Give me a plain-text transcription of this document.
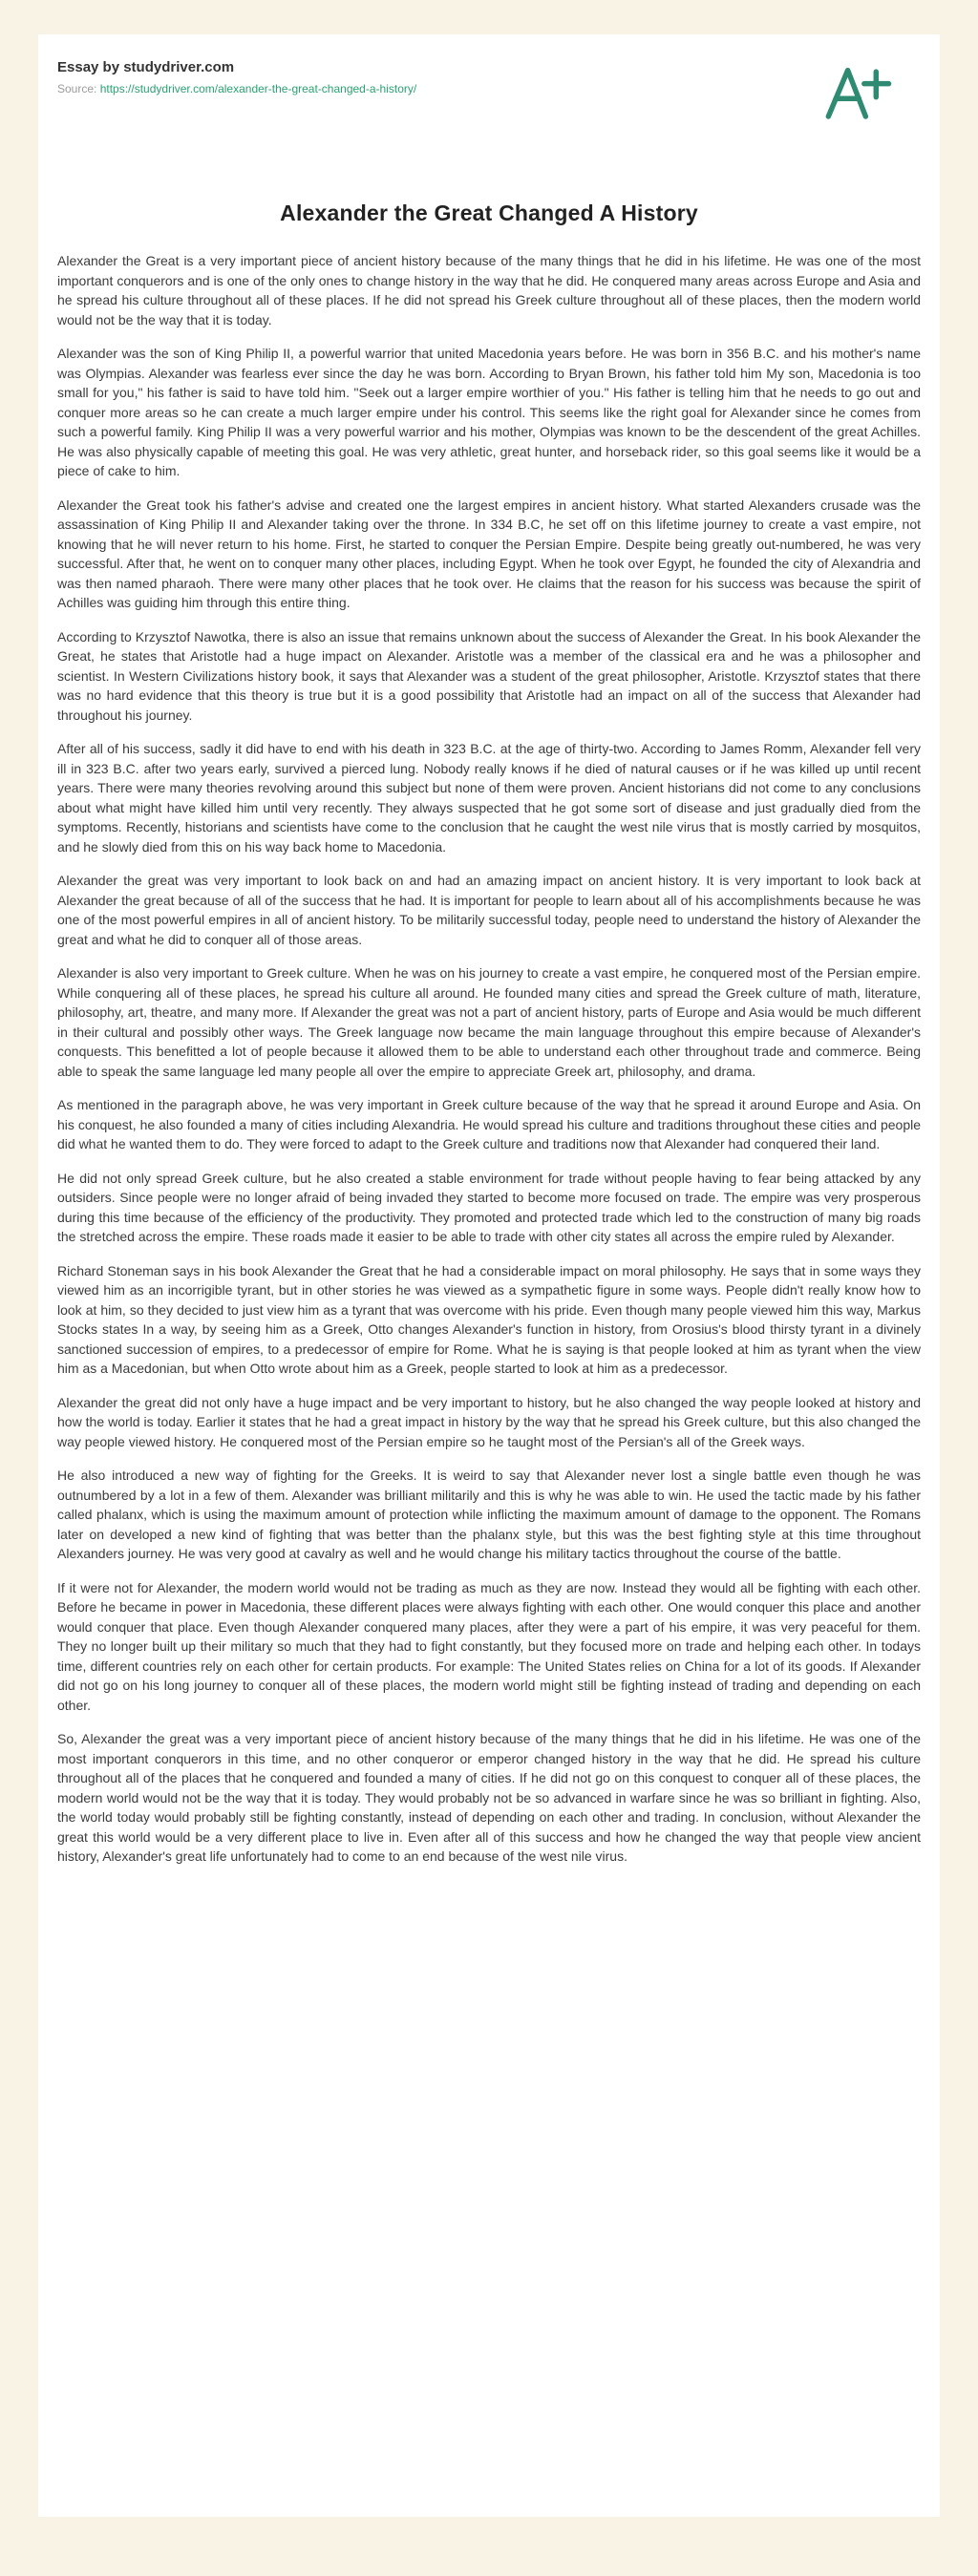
Essay by studydriver.com

Source: https://studydriver.com/alexander-the-great-changed-a-history/

Alexander the Great Changed A History

Alexander the Great is a very important piece of ancient history because of the many things that he did in his lifetime. He was one of the most important conquerors and is one of the only ones to change history in the way that he did. He conquered many areas across Europe and Asia and he spread his culture throughout all of these places. If he did not spread his Greek culture throughout all of these places, then the modern world would not be the way that it is today.

Alexander was the son of King Philip II, a powerful warrior that united Macedonia years before. He was born in 356 B.C. and his mother's name was Olympias. Alexander was fearless ever since the day he was born. According to Bryan Brown, his father told him My son, Macedonia is too small for you," his father is said to have told him. "Seek out a larger empire worthier of you." His father is telling him that he needs to go out and conquer more areas so he can create a much larger empire under his control. This seems like the right goal for Alexander since he comes from such a powerful family. King Philip II was a very powerful warrior and his mother, Olympias was known to be the descendent of the great Achilles. He was also physically capable of meeting this goal. He was very athletic, great hunter, and horseback rider, so this goal seems like it would be a piece of cake to him.

Alexander the Great took his father's advise and created one the largest empires in ancient history. What started Alexanders crusade was the assassination of King Philip II and Alexander taking over the throne. In 334 B.C, he set off on this lifetime journey to create a vast empire, not knowing that he will never return to his home. First, he started to conquer the Persian Empire. Despite being greatly out-numbered, he was very successful. After that, he went on to conquer many other places, including Egypt. When he took over Egypt, he founded the city of Alexandria and was then named pharaoh. There were many other places that he took over. He claims that the reason for his success was because the spirit of Achilles was guiding him through this entire thing.

According to Krzysztof Nawotka, there is also an issue that remains unknown about the success of Alexander the Great. In his book Alexander the Great, he states that Aristotle had a huge impact on Alexander. Aristotle was a member of the classical era and he was a philosopher and scientist. In Western Civilizations history book, it says that Alexander was a student of the great philosopher, Aristotle. Krzysztof states that there was no hard evidence that this theory is true but it is a good possibility that Aristotle had an impact on all of the success that Alexander had throughout his journey.

After all of his success, sadly it did have to end with his death in 323 B.C. at the age of thirty-two. According to James Romm, Alexander fell very ill in 323 B.C. after two years early, survived a pierced lung. Nobody really knows if he died of natural causes or if he was killed up until recent years. There were many theories revolving around this subject but none of them were proven. Ancient historians did not come to any conclusions about what might have killed him until very recently. They always suspected that he got some sort of disease and just gradually died from the symptoms. Recently, historians and scientists have come to the conclusion that he caught the west nile virus that is mostly carried by mosquitos, and he slowly died from this on his way back home to Macedonia.

Alexander the great was very important to look back on and had an amazing impact on ancient history. It is very important to look back at Alexander the great because of all of the success that he had. It is important for people to learn about all of his accomplishments because he was one of the most powerful empires in all of ancient history. To be militarily successful today, people need to understand the history of Alexander the great and what he did to conquer all of those areas.

Alexander is also very important to Greek culture. When he was on his journey to create a vast empire, he conquered most of the Persian empire. While conquering all of these places, he spread his culture all around. He founded many cities and spread the Greek culture of math, literature, philosophy, art, theatre, and many more. If Alexander the great was not a part of ancient history, parts of Europe and Asia would be much different in their cultural and possibly other ways. The Greek language now became the main language throughout this empire because of Alexander's conquests. This benefitted a lot of people because it allowed them to be able to understand each other throughout trade and commerce. Being able to speak the same language led many people all over the empire to appreciate Greek art, philosophy, and drama.

As mentioned in the paragraph above, he was very important in Greek culture because of the way that he spread it around Europe and Asia. On his conquest, he also founded a many of cities including Alexandria. He would spread his culture and traditions throughout these cities and people did what he wanted them to do. They were forced to adapt to the Greek culture and traditions now that Alexander had conquered their land.

He did not only spread Greek culture, but he also created a stable environment for trade without people having to fear being attacked by any outsiders. Since people were no longer afraid of being invaded they started to become more focused on trade. The empire was very prosperous during this time because of the efficiency of the productivity. They promoted and protected trade which led to the construction of many big roads the stretched across the empire. These roads made it easier to be able to trade with other city states all across the empire ruled by Alexander.

Richard Stoneman says in his book Alexander the Great that he had a considerable impact on moral philosophy. He says that in some ways they viewed him as an incorrigible tyrant, but in other stories he was viewed as a sympathetic figure in some ways. People didn't really know how to look at him, so they decided to just view him as a tyrant that was overcome with his pride. Even though many people viewed him this way, Markus Stocks states In a way, by seeing him as a Greek, Otto changes Alexander's function in history, from Orosius's blood thirsty tyrant in a divinely sanctioned succession of empires, to a predecessor of empire for Rome. What he is saying is that people looked at him as tyrant when the view him as a Macedonian, but when Otto wrote about him as a Greek, people started to look at him as a predecessor.

Alexander the great did not only have a huge impact and be very important to history, but he also changed the way people looked at history and how the world is today. Earlier it states that he had a great impact in history by the way that he spread his Greek culture, but this also changed the way people viewed history. He conquered most of the Persian empire so he taught most of the Persian's all of the Greek ways.

He also introduced a new way of fighting for the Greeks. It is weird to say that Alexander never lost a single battle even though he was outnumbered by a lot in a few of them. Alexander was brilliant militarily and this is why he was able to win. He used the tactic made by his father called phalanx, which is using the maximum amount of protection while inflicting the maximum amount of damage to the opponent. The Romans later on developed a new kind of fighting that was better than the phalanx style, but this was the best fighting style at this time throughout Alexanders journey. He was very good at cavalry as well and he would change his military tactics throughout the course of the battle.

If it were not for Alexander, the modern world would not be trading as much as they are now. Instead they would all be fighting with each other. Before he became in power in Macedonia, these different places were always fighting with each other. One would conquer this place and another would conquer that place. Even though Alexander conquered many places, after they were a part of his empire, it was very peaceful for them. They no longer built up their military so much that they had to fight constantly, but they focused more on trade and helping each other. In todays time, different countries rely on each other for certain products. For example: The United States relies on China for a lot of its goods. If Alexander did not go on his long journey to conquer all of these places, the modern world might still be fighting instead of trading and depending on each other.

So, Alexander the great was a very important piece of ancient history because of the many things that he did in his lifetime. He was one of the most important conquerors in this time, and no other conqueror or emperor changed history in the way that he did. He spread his culture throughout all of the places that he conquered and founded a many of cities. If he did not go on this conquest to conquer all of these places, the modern world would not be the way that it is today. They would probably not be so advanced in warfare since he was so brilliant in fighting. Also, the world today would probably still be fighting constantly, instead of depending on each other and trading. In conclusion, without Alexander the great this world would be a very different place to live in. Even after all of this success and how he changed the way that people view ancient history, Alexander's great life unfortunately had to come to an end because of the west nile virus.
